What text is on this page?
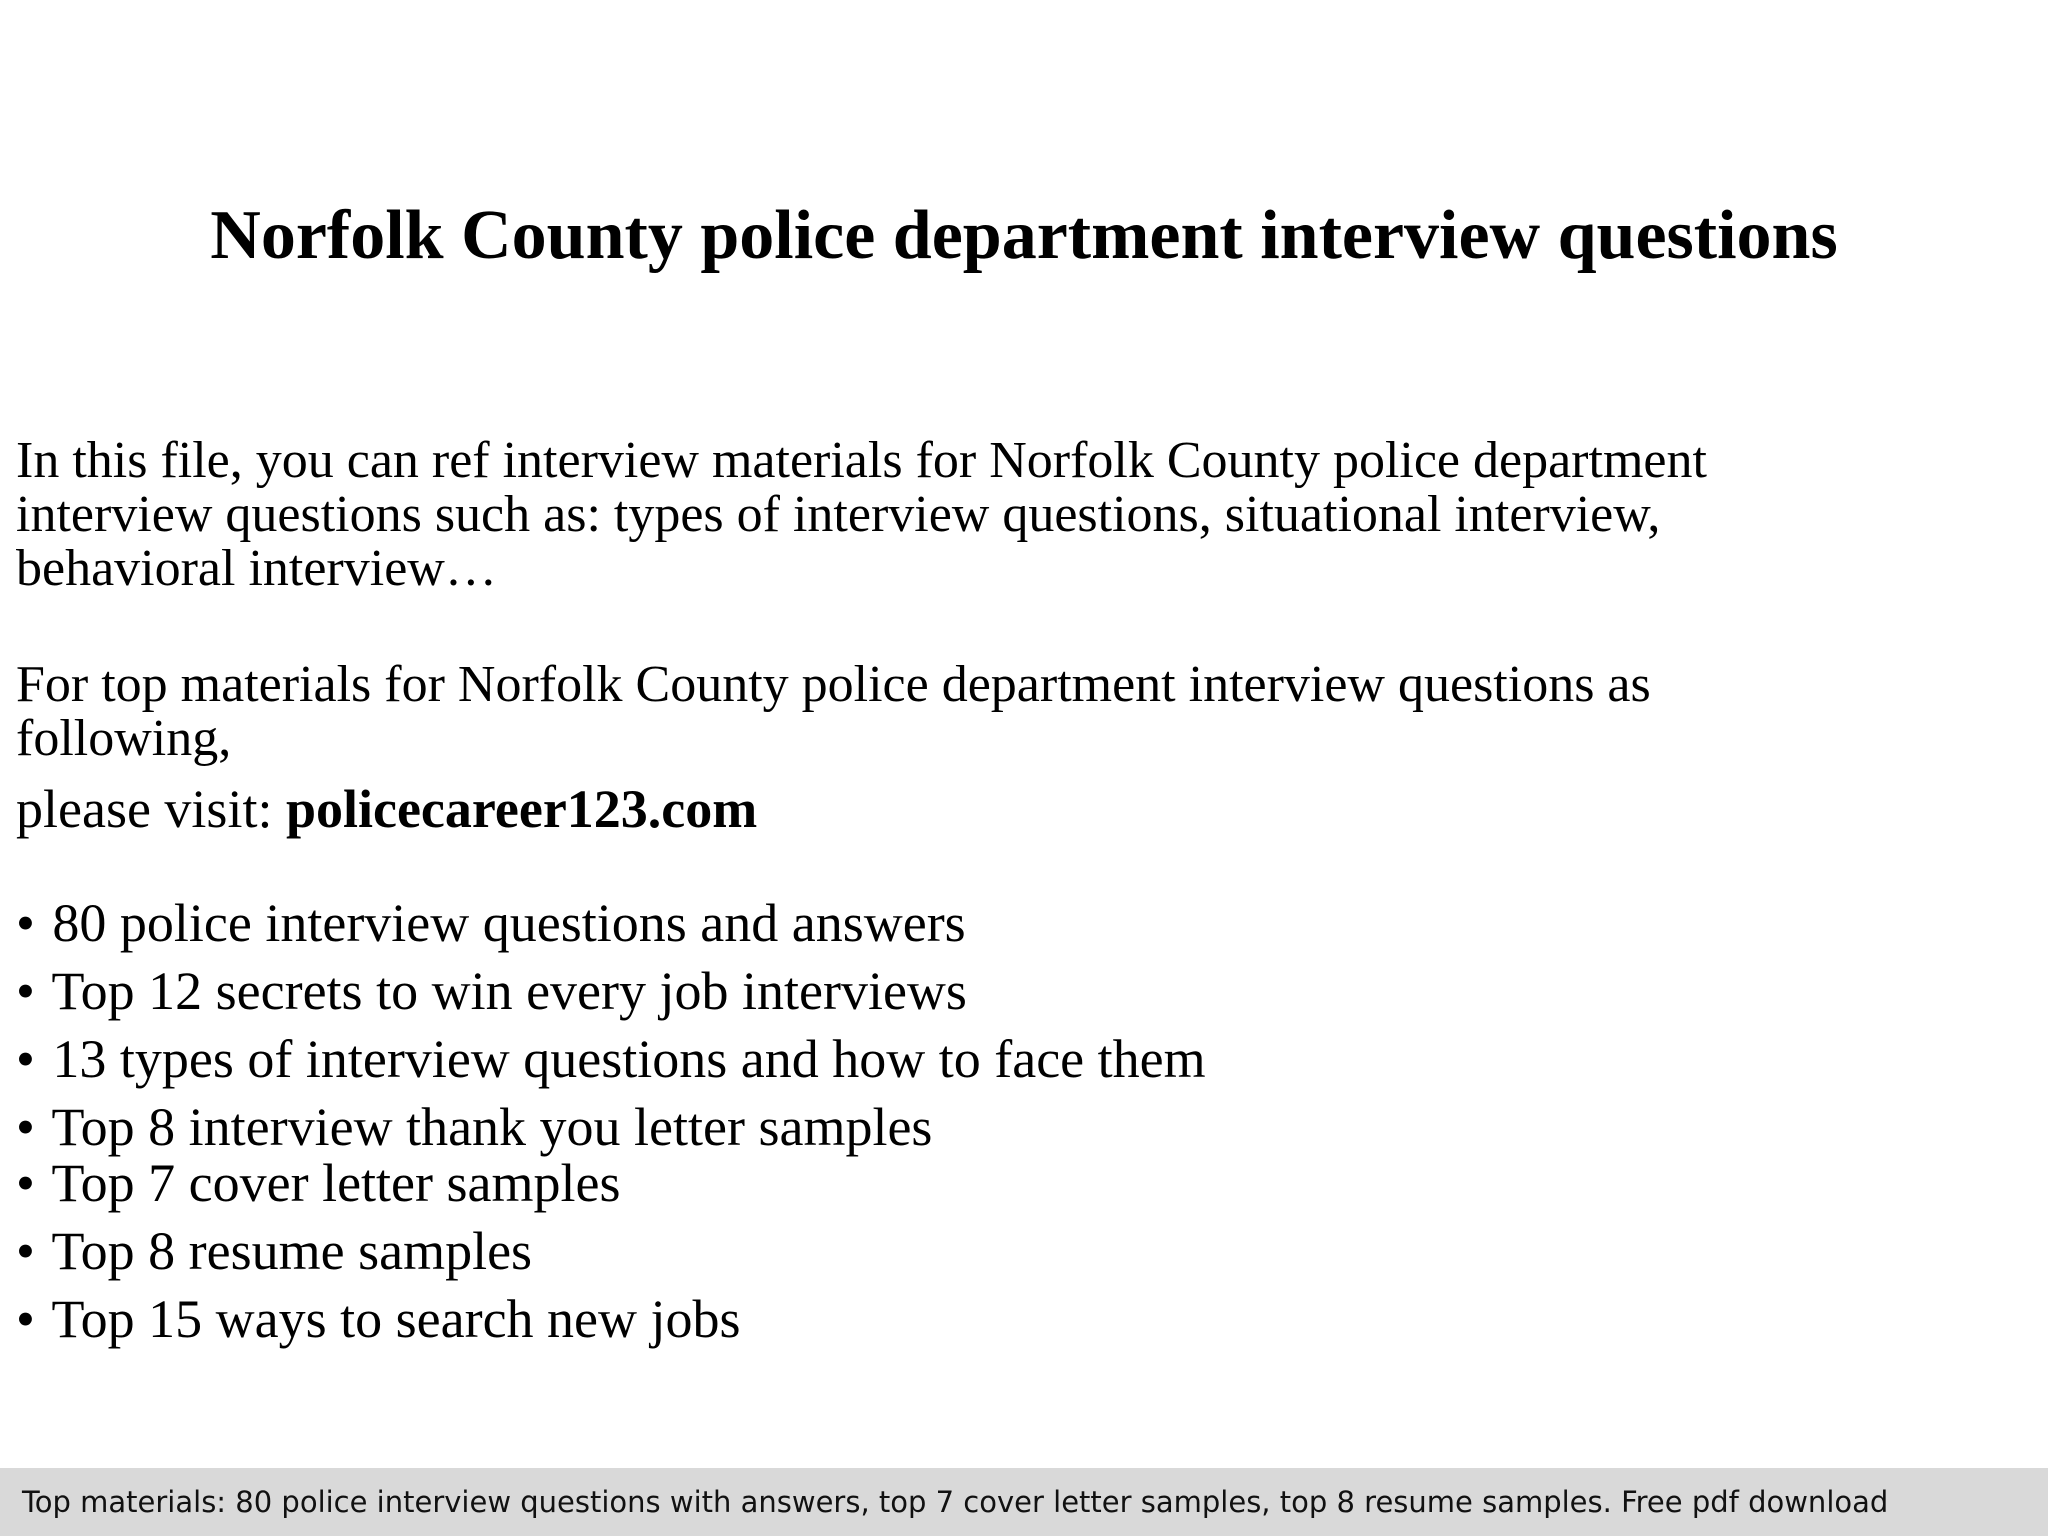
Norfolk County police department interview questions
In this file, you can ref interview materials for Norfolk County police department
interview questions such as: types of interview questions, situational interview,
behavioral interview…
For top materials for Norfolk County police department interview questions as
following,
please visit: policecareer123.com
• 80 police interview questions and answers
• Top 12 secrets to win every job interviews
• 13 types of interview questions and how to face them
• Top 8 interview thank you letter samples
• Top 7 cover letter samples
• Top 8 resume samples
• Top 15 ways to search new jobs
Top materials: 80 police interview questions with answers, top 7 cover letter samples, top 8 resume samples. Free pdf download
